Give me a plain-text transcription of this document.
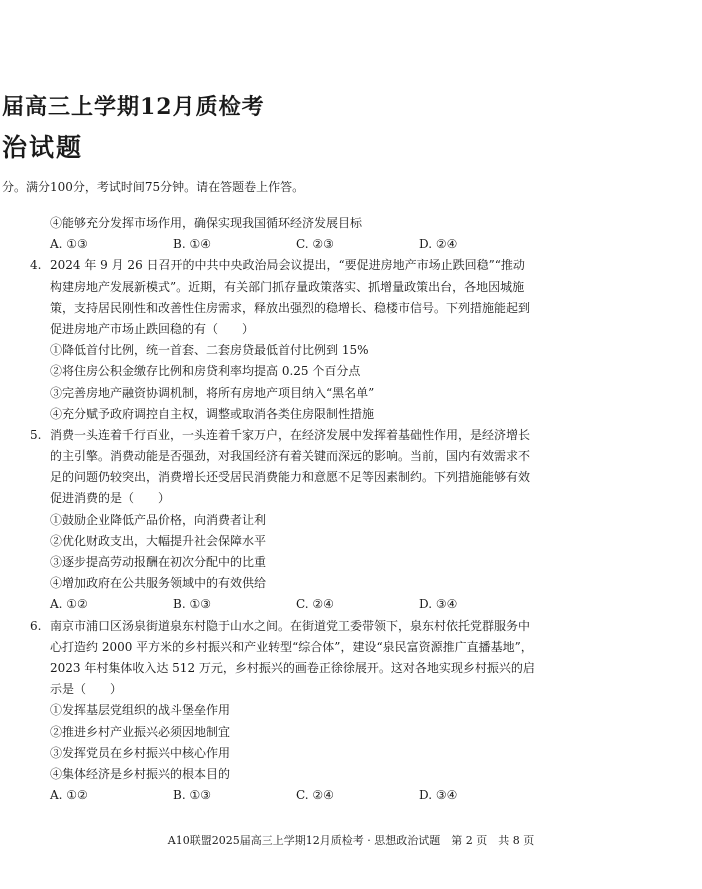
届高三上学期12月质检考
治试题
分。满分100分，考试时间75分钟。请在答题卷上作答。
④能够充分发挥市场作用，确保实现我国循环经济发展目标
A. ①③	B. ①④	C. ②③	D. ②④
4. 2024 年 9 月 26 日召开的中共中央政治局会议提出，“要促进房地产市场止跌回稳”“推动
构建房地产发展新模式”。近期，有关部门抓存量政策落实、抓增量政策出台，各地因城施
策，支持居民刚性和改善性住房需求，释放出强烈的稳增长、稳楼市信号。下列措施能起到
促进房地产市场止跌回稳的有（　　）
①降低首付比例，统一首套、二套房贷最低首付比例到 15%
②将住房公积金缴存比例和房贷利率均提高 0.25 个百分点
③完善房地产融资协调机制，将所有房地产项目纳入“黑名单”
④充分赋予政府调控自主权，调整或取消各类住房限制性措施
5. 消费一头连着千行百业，一头连着千家万户，在经济发展中发挥着基础性作用，是经济增长
的主引擎。消费动能是否强劲，对我国经济有着关键而深远的影响。当前，国内有效需求不
足的问题仍较突出，消费增长还受居民消费能力和意愿不足等因素制约。下列措施能够有效
促进消费的是（　　）
①鼓励企业降低产品价格，向消费者让利
②优化财政支出，大幅提升社会保障水平
③逐步提高劳动报酬在初次分配中的比重
④增加政府在公共服务领域中的有效供给
A. ①②	B. ①③	C. ②④	D. ③④
6. 南京市浦口区汤泉街道泉东村隐于山水之间。在街道党工委带领下，泉东村依托党群服务中
心打造约 2000 平方米的乡村振兴和产业转型“综合体”，建设“泉民富资源推广直播基地”，
2023 年村集体收入达 512 万元，乡村振兴的画卷正徐徐展开。这对各地实现乡村振兴的启
示是（　　）
①发挥基层党组织的战斗堡垒作用
②推进乡村产业振兴必须因地制宜
③发挥党员在乡村振兴中核心作用
④集体经济是乡村振兴的根本目的
A. ①②	B. ①③	C. ②④	D. ③④
A10联盟2025届高三上学期12月质检考 · 思想政治试题　第 2 页　共 8 页
